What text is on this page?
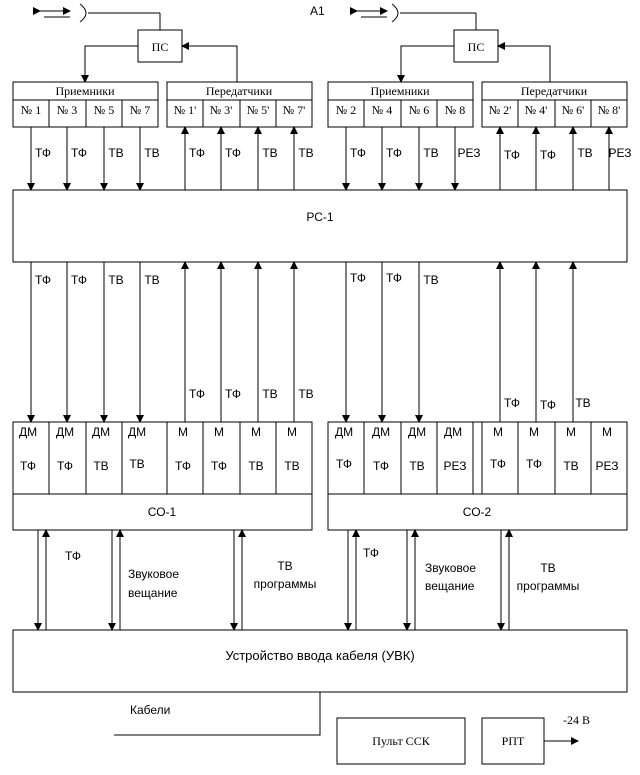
A1
ПС	ПС
Приемники
№ 1 № 3 № 5 № 7
Передатчики
№ 1' № 3' № 5' № 7'
Приемники
№ 2 № 4 № 6 № 8
Передатчики
№ 2' № 4' № 6' № 8'
ТФ ТФ ТВ ТВ ТФ ТФ ТВ ТВ	ТФ ТФ ТВ РЕЗ ТФ ТФ ТВ РЕЗ
РС-1
ТФ ТФ ТВ ТВ
ТФ ТФ ТВ ТВ
ТФ ТФ ТВ
ТФ ТФ ТВ
СО-1
ДМ ДМ ДМ ДМ	М М М М
ТФ ТФ ТВ ТВ	ТФ ТФ ТВ ТВ
СО-2
ДМ ДМ ДМ ДМ	М М М М
ТФ ТФ ТВ РЕЗ ТФ ТФ ТВ РЕЗ
ТФ
Звуковое
вещание
ТВ
программы
ТФ
Звуковое
вещание
ТВ
программы
Устройство ввода кабеля (УВК)
Кабели
Пульт ССК	РПТ
-24 В
